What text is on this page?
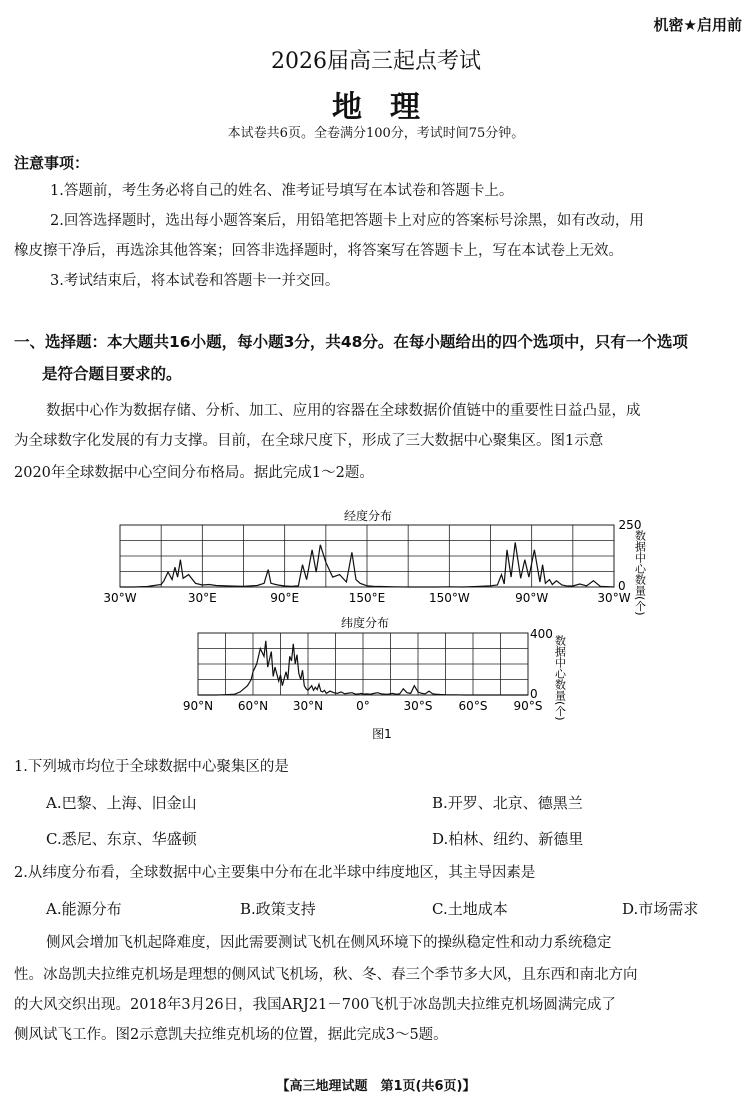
机密★启用前
2026届高三起点考试
地理
本试卷共6页。全卷满分100分，考试时间75分钟。
注意事项：
1.答题前，考生务必将自己的姓名、准考证号填写在本试卷和答题卡上。
2.回答选择题时，选出每小题答案后，用铅笔把答题卡上对应的答案标号涂黑，如有改动，用
橡皮擦干净后，再选涂其他答案；回答非选择题时，将答案写在答题卡上，写在本试卷上无效。
3.考试结束后，将本试卷和答题卡一并交回。
一、选择题：本大题共16小题，每小题3分，共48分。在每小题给出的四个选项中，只有一个选项
是符合题目要求的。
数据中心作为数据存储、分析、加工、应用的容器在全球数据价值链中的重要性日益凸显，成
为全球数字化发展的有力支撑。目前，在全球尺度下，形成了三大数据中心聚集区。图1示意
2020年全球数据中心空间分布格局。据此完成1～2题。
经度分布
30°W	30°E	90°E	150°E	150°W	90°W	30°W
250
0 数据中心数量(个)
纬度分布
90°N 60°N 30°N	0°	30°S 60°S 90°S
400
0 数据中心数量(个)
图1
1.下列城市均位于全球数据中心聚集区的是
A.巴黎、上海、旧金山	B.开罗、北京、德黑兰
C.悉尼、东京、华盛顿	D.柏林、纽约、新德里
2.从纬度分布看，全球数据中心主要集中分布在北半球中纬度地区，其主导因素是
A.能源分布	B.政策支持	C.土地成本	D.市场需求
侧风会增加飞机起降难度，因此需要测试飞机在侧风环境下的操纵稳定性和动力系统稳定
性。冰岛凯夫拉维克机场是理想的侧风试飞机场，秋、冬、春三个季节多大风，且东西和南北方向
的大风交织出现。2018年3月26日，我国ARJ21－700飞机于冰岛凯夫拉维克机场圆满完成了
侧风试飞工作。图2示意凯夫拉维克机场的位置，据此完成3～5题。
【高三地理试题　第1页(共6页)】
